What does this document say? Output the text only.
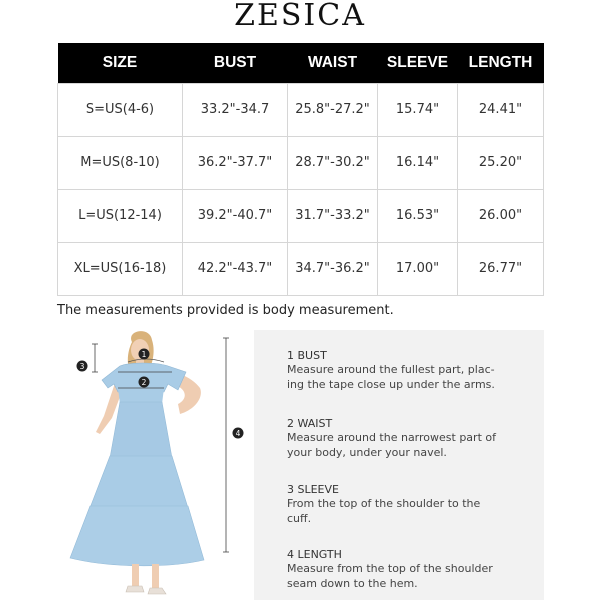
ZESICA
SIZE	BUST	WAIST	SLEEVE	LENGTH
S=US(4-6)	33.2"-34.7	25.8"-27.2"	15.74"	24.41"
M=US(8-10)	36.2"-37.7"	28.7"-30.2"	16.14"	25.20"
L=US(12-14)	39.2"-40.7"	31.7"-33.2"	16.53"	26.00"
XL=US(16-18)	42.2"-43.7"	34.7"-36.2"	17.00"	26.77"
The measurements provided is body measurement.
1
2
3
4
1 BUST
Measure around the fullest part, plac-
ing the tape close up under the arms.
2 WAIST
Measure around the narrowest part of
your body, under your navel.
3 SLEEVE
From the top of the shoulder to the
cuff.
4 LENGTH
Measure from the top of the shoulder
seam down to the hem.
